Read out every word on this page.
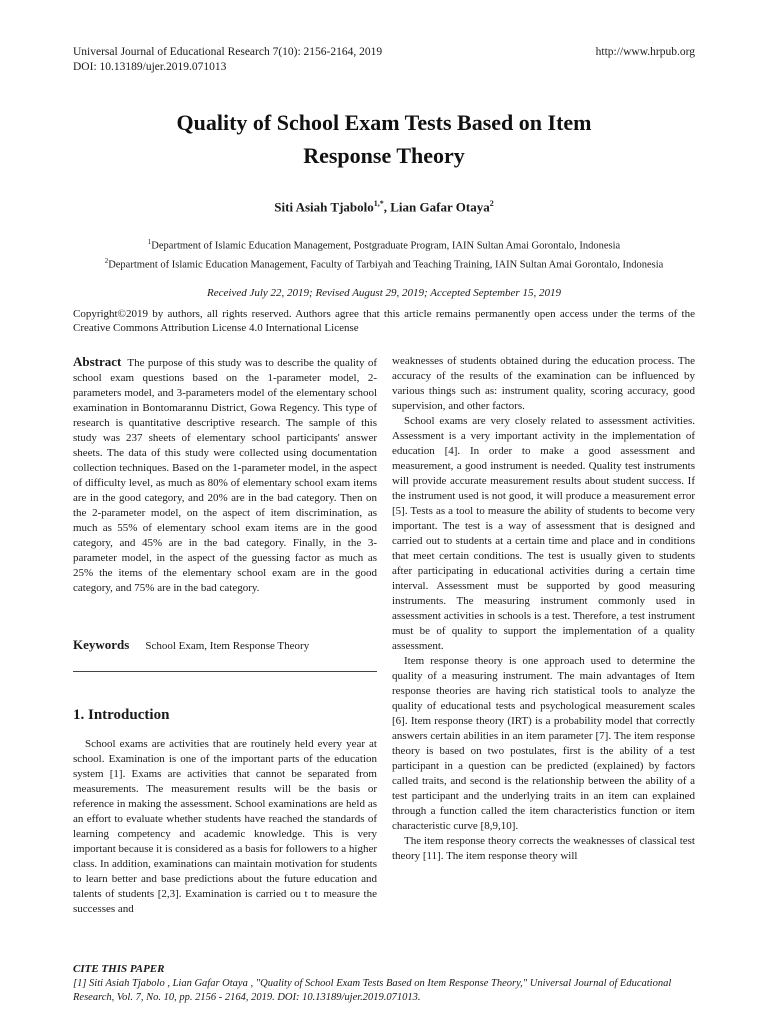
Universal Journal of Educational Research 7(10): 2156-2164, 2019
DOI: 10.13189/ujer.2019.071013
http://www.hrpub.org
Quality of School Exam Tests Based on Item
Response Theory
Siti Asiah Tjabolo$^{1,*}$, Lian Gafar Otaya$^2$
$^1$Department of Islamic Education Management, Postgraduate Program, IAIN Sultan Amai Gorontalo, Indonesia
$^2$Department of Islamic Education Management, Faculty of Tarbiyah and Teaching Training, IAIN Sultan Amai Gorontalo, Indonesia
Received July 22, 2019; Revised August 29, 2019; Accepted September 15, 2019
Copyright©2019 by authors, all rights reserved. Authors agree that this article remains permanently open access under the terms of the Creative Commons Attribution License 4.0 International License
Abstract The purpose of this study was to describe the quality of school exam questions based on the 1-parameter model, 2-parameters model, and 3-parameters model of the elementary school examination in Bontomarannu District, Gowa Regency. This type of research is quantitative descriptive research. The sample of this study was 237 sheets of elementary school participants' answer sheets. The data of this study were collected using documentation collection techniques. Based on the 1-parameter model, in the aspect of difficulty level, as much as 80% of elementary school exam items are in the good category, and 20% are in the bad category. Then on the 2-parameter model, on the aspect of item discrimination, as much as 55% of elementary school exam items are in the good category, and 45% are in the bad category. Finally, in the 3-parameter model, in the aspect of the guessing factor as much as 25% the items of the elementary school exam are in the good category, and 75% are in the bad category.
Keywords School Exam, Item Response Theory
1. Introduction

School exams are activities that are routinely held every year at school. Examination is one of the important parts of the education system [1]. Exams are activities that cannot be separated from measurements. The measurement results will be the basis or reference in making the assessment. School examinations are held as an effort to evaluate whether students have reached the standards of learning competency and academic knowledge. This is very important because it is considered as a basis for followers to a higher class. In addition, examinations can maintain motivation for students to learn better and base predictions about the future education and talents of students [2,3]. Examination is carried ou t to measure the successes and

weaknesses of students obtained during the education process. The accuracy of the results of the examination can be influenced by various things such as: instrument quality, scoring accuracy, good supervision, and other factors.

School exams are very closely related to assessment activities. Assessment is a very important activity in the implementation of education [4]. In order to make a good assessment and measurement, a good instrument is needed. Quality test instruments will provide accurate measurement results about student success. If the instrument used is not good, it will produce a measurement error [5]. Tests as a tool to measure the ability of students to become very important. The test is a way of assessment that is designed and carried out to students at a certain time and place and in conditions that meet certain conditions. The test is usually given to students after participating in educational activities during a certain time interval. Assessment must be supported by good measuring instruments. The measuring instrument commonly used in assessment activities in schools is a test. Therefore, a test instrument must be of quality to support the implementation of a quality assessment.

Item response theory is one approach used to determine the quality of a measuring instrument. The main advantages of Item response theories are having rich statistical tools to analyze the quality of educational tests and psychological measurement scales [6]. Item response theory (IRT) is a probability model that correctly answers certain abilities in an item parameter [7]. The item response theory is based on two postulates, first is the ability of a test participant in a question can be predicted (explained) by factors called traits, and second is the relationship between the ability of a test participant and the underlying traits in an item can explained through a function called the item characteristics function or item characteristic curve [8,9,10].

The item response theory corrects the weaknesses of classical test theory [11]. The item response theory will

CITE THIS PAPER
[1] Siti Asiah Tjabolo , Lian Gafar Otaya , "Quality of School Exam Tests Based on Item Response Theory," Universal Journal of Educational Research, Vol. 7, No. 10, pp. 2156 - 2164, 2019. DOI: 10.13189/ujer.2019.071013.
